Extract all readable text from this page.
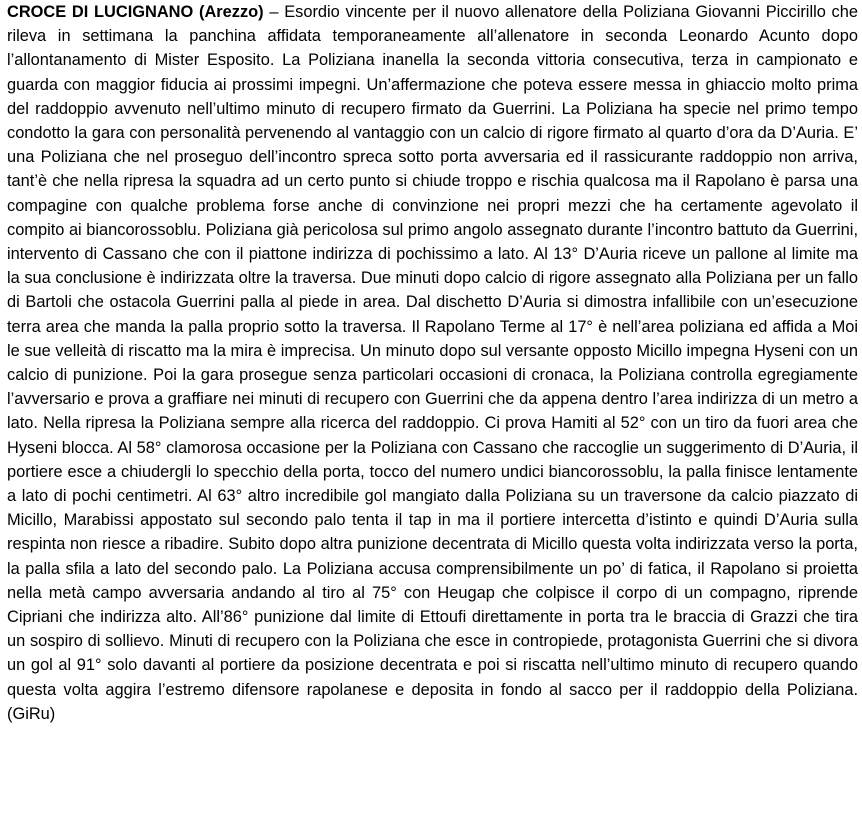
CROCE DI LUCIGNANO (Arezzo) – Esordio vincente per il nuovo allenatore della Poliziana Giovanni Piccirillo che rileva in settimana la panchina affidata temporaneamente all’allenatore in seconda Leonardo Acunto dopo l’allontanamento di Mister Esposito. La Poliziana inanella la seconda vittoria consecutiva, terza in campionato e guarda con maggior fiducia ai prossimi impegni. Un’affermazione che poteva essere messa in ghiaccio molto prima del raddoppio avvenuto nell’ultimo minuto di recupero firmato da Guerrini. La Poliziana ha specie nel primo tempo condotto la gara con personalità pervenendo al vantaggio con un calcio di rigore firmato al quarto d’ora da D’Auria. E’ una Poliziana che nel proseguo dell’incontro spreca sotto porta avversaria ed il rassicurante raddoppio non arriva, tant’è che nella ripresa la squadra ad un certo punto si chiude troppo e rischia qualcosa ma il Rapolano è parsa una compagine con qualche problema forse anche di convinzione nei propri mezzi che ha certamente agevolato il compito ai biancorossoblu. Poliziana già pericolosa sul primo angolo assegnato durante l’incontro battuto da Guerrini, intervento di Cassano che con il piattone indirizza di pochissimo a lato. Al 13° D’Auria riceve un pallone al limite ma la sua conclusione è indirizzata oltre la traversa. Due minuti dopo calcio di rigore assegnato alla Poliziana per un fallo di Bartoli che ostacola Guerrini palla al piede in area. Dal dischetto D’Auria si dimostra infallibile con un’esecuzione terra area che manda la palla proprio sotto la traversa. Il Rapolano Terme al 17° è nell’area poliziana ed affida a Moi le sue velleità di riscatto ma la mira è imprecisa. Un minuto dopo sul versante opposto Micillo impegna Hyseni con un calcio di punizione. Poi la gara prosegue senza particolari occasioni di cronaca, la Poliziana controlla egregiamente l’avversario e prova a graffiare nei minuti di recupero con Guerrini che da appena dentro l’area indirizza di un metro a lato. Nella ripresa la Poliziana sempre alla ricerca del raddoppio. Ci prova Hamiti al 52° con un tiro da fuori area che Hyseni blocca. Al 58° clamorosa occasione per la Poliziana con Cassano che raccoglie un suggerimento di D’Auria, il portiere esce a chiudergli lo specchio della porta, tocco del numero undici biancorossoblu, la palla finisce lentamente a lato di pochi centimetri. Al 63° altro incredibile gol mangiato dalla Poliziana su un traversone da calcio piazzato di Micillo, Marabissi appostato sul secondo palo tenta il tap in ma il portiere intercetta d’istinto e quindi D’Auria sulla respinta non riesce a ribadire. Subito dopo altra punizione decentrata di Micillo questa volta indirizzata verso la porta, la palla sfila a lato del secondo palo. La Poliziana accusa comprensibilmente un po’ di fatica, il Rapolano si proietta nella metà campo avversaria andando al tiro al 75° con Heugap che colpisce il corpo di un compagno, riprende Cipriani che indirizza alto. All’86° punizione dal limite di Ettoufi direttamente in porta tra le braccia di Grazzi che tira un sospiro di sollievo. Minuti di recupero con la Poliziana che esce in contropiede, protagonista Guerrini che si divora un gol al 91° solo davanti al portiere da posizione decentrata e poi si riscatta nell’ultimo minuto di recupero quando questa volta aggira l’estremo difensore rapolanese e deposita in fondo al sacco per il raddoppio della Poliziana. (GiRu)
